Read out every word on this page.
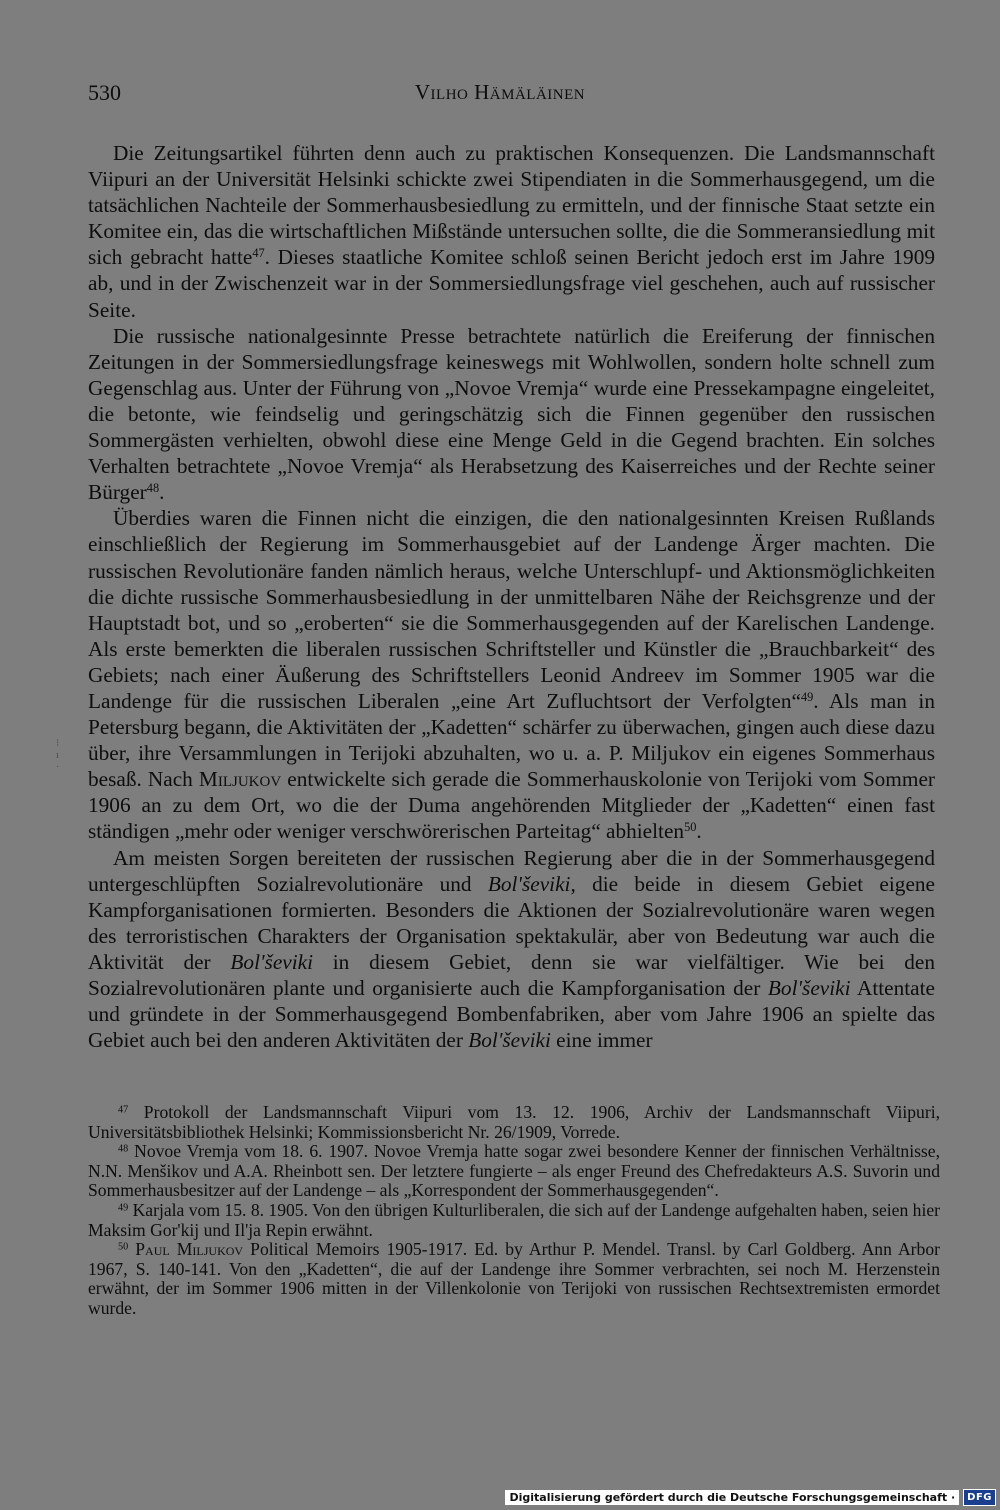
530	Vilho Hämäläinen
⁝
ı
·

Die Zeitungsartikel führten denn auch zu praktischen Konsequenzen. Die Landsmannschaft Viipuri an der Universität Helsinki schickte zwei Stipendiaten in die Sommerhausgegend, um die tatsächlichen Nachteile der Sommerhausbesiedlung zu ermitteln, und der finnische Staat setzte ein Komitee ein, das die wirtschaftlichen Mißstände untersuchen sollte, die die Sommeransiedlung mit sich gebracht hatte$^{47}$. Dieses staatliche Komitee schloß seinen Bericht jedoch erst im Jahre 1909 ab, und in der Zwischenzeit war in der Sommersiedlungsfrage viel geschehen, auch auf russischer Seite.

Die russische nationalgesinnte Presse betrachtete natürlich die Ereiferung der finnischen Zeitungen in der Sommersiedlungsfrage keineswegs mit Wohlwollen, sondern holte schnell zum Gegenschlag aus. Unter der Führung von „Novoe Vremja“ wurde eine Pressekampagne eingeleitet, die betonte, wie feindselig und geringschätzig sich die Finnen gegenüber den russischen Sommergästen verhielten, obwohl diese eine Menge Geld in die Gegend brachten. Ein solches Verhalten betrachtete „Novoe Vremja“ als Herabsetzung des Kaiserreiches und der Rechte seiner Bürger$^{48}$.

Überdies waren die Finnen nicht die einzigen, die den nationalgesinnten Kreisen Rußlands einschließlich der Regierung im Sommerhausgebiet auf der Landenge Ärger machten. Die russischen Revolutionäre fanden nämlich heraus, welche Unterschlupf- und Aktionsmöglichkeiten die dichte russische Sommerhausbesiedlung in der unmittelbaren Nähe der Reichsgrenze und der Hauptstadt bot, und so „eroberten“ sie die Sommerhausgegenden auf der Karelischen Landenge. Als erste bemerkten die liberalen russischen Schriftsteller und Künstler die „Brauchbarkeit“ des Gebiets; nach einer Äußerung des Schriftstellers Leonid Andreev im Sommer 1905 war die Landenge für die russischen Liberalen „eine Art Zufluchtsort der Verfolgten“$^{49}$. Als man in Petersburg begann, die Aktivitäten der „Kadetten“ schärfer zu überwachen, gingen auch diese dazu über, ihre Versammlungen in Terijoki abzuhalten, wo u. a. P. Miljukov ein eigenes Sommerhaus besaß. Nach Miljukov entwickelte sich gerade die Sommerhauskolonie von Terijoki vom Sommer 1906 an zu dem Ort, wo die der Duma angehörenden Mitglieder der „Kadetten“ einen fast ständigen „mehr oder weniger verschwörerischen Parteitag“ abhielten$^{50}$.

Am meisten Sorgen bereiteten der russischen Regierung aber die in der Sommerhausgegend untergeschlüpften Sozialrevolutionäre und Bol'ševiki, die beide in diesem Gebiet eigene Kampforganisationen formierten. Besonders die Aktionen der Sozialrevolutionäre waren wegen des terroristischen Charakters der Organisation spektakulär, aber von Bedeutung war auch die Aktivität der Bol'ševiki in diesem Gebiet, denn sie war vielfältiger. Wie bei den Sozialrevolutionären plante und organisierte auch die Kampforganisation der Bol'ševiki Attentate und gründete in der Sommerhausgegend Bombenfabriken, aber vom Jahre 1906 an spielte das Gebiet auch bei den anderen Aktivitäten der Bol'ševiki eine immer

$^{47}$ Protokoll der Landsmannschaft Viipuri vom 13. 12. 1906, Archiv der Landsmannschaft Viipuri, Universitätsbibliothek Helsinki; Kommissionsbericht Nr. 26/1909, Vorrede.

$^{48}$ Novoe Vremja vom 18. 6. 1907. Novoe Vremja hatte sogar zwei besondere Kenner der finnischen Verhältnisse, N.N. Menšikov und A.A. Rheinbott sen. Der letztere fungierte – als enger Freund des Chefredakteurs A.S. Suvorin und Sommerhausbesitzer auf der Landenge – als „Korrespondent der Sommerhausgegenden“.

$^{49}$ Karjala vom 15. 8. 1905. Von den übrigen Kulturliberalen, die sich auf der Landenge aufgehalten haben, seien hier Maksim Gor'kij und Il'ja Repin erwähnt.

$^{50}$ Paul Miljukov Political Memoirs 1905-1917. Ed. by Arthur P. Mendel. Transl. by Carl Goldberg. Ann Arbor 1967, S. 140-141. Von den „Kadetten“, die auf der Landenge ihre Sommer verbrachten, sei noch M. Herzenstein erwähnt, der im Sommer 1906 mitten in der Villenkolonie von Terijoki von russischen Rechtsextremisten ermordet wurde.

Digitalisierung gefördert durch die Deutsche Forschungsgemeinschaft ·	DFG
